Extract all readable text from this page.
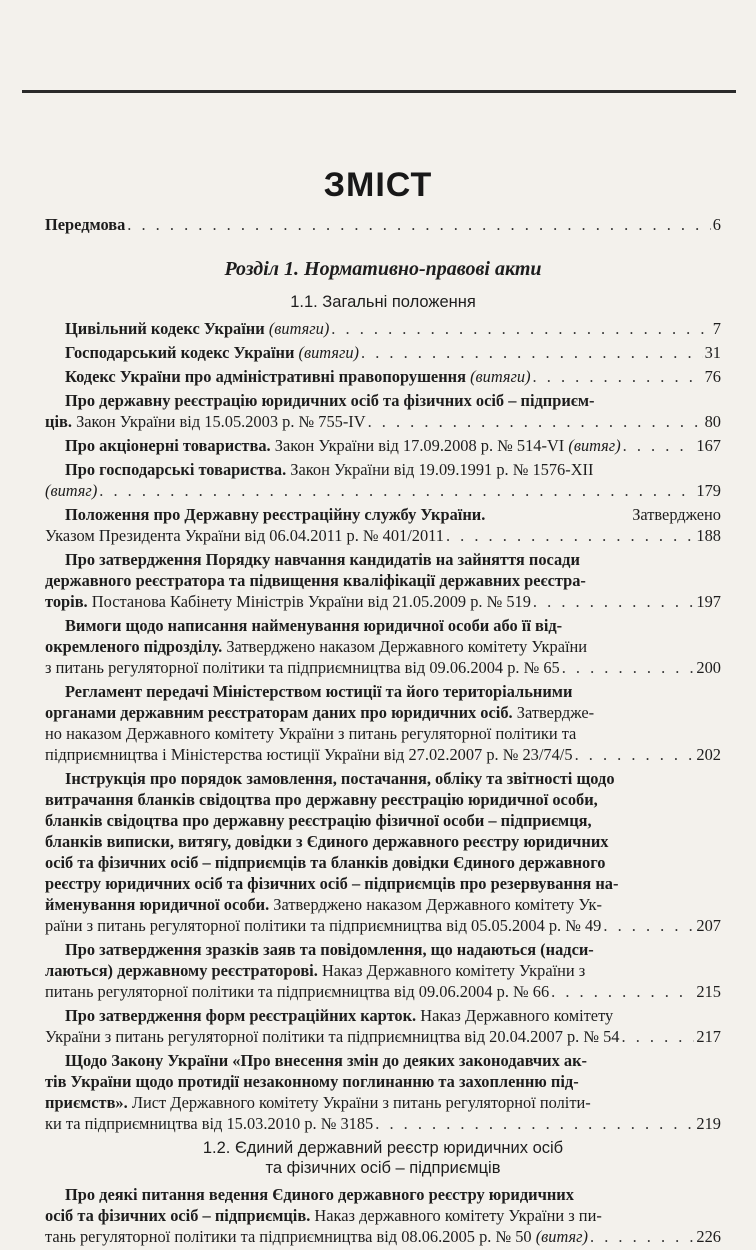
ЗМІСТ
Передмова . . .	6
Розділ 1. Нормативно-правові акти
1.1. Загальні положення
Цивільний кодекс України (витяги) . . .	7
Господарський кодекс України (витяги) . . .	31
Кодекс України про адміністративні правопорушення (витяги) . . .	76
Про державну реєстрацію юридичних осіб та фізичних осіб – підприєм-
ців. Закон України від 15.05.2003 р. № 755-IV . . .	80
Про акціонерні товариства. Закон України від 17.09.2008 р. № 514-VI (витяг) . . .	167
Про господарські товариства. Закон України від 19.09.1991 р. № 1576-XII
(витяг) . . .	179
Положення про Державну реєстраційну службу України.	Затверджено
Указом Президента України від 06.04.2011 р. № 401/2011 . . .	188
Про затвердження Порядку навчання кандидатів на зайняття посади
державного реєстратора та підвищення кваліфікації державних реєстра-
торів. Постанова Кабінету Міністрів України від 21.05.2009 р. № 519 . . .	197
Вимоги щодо написання найменування юридичної особи або її від-
окремленого підрозділу. Затверджено наказом Державного комітету України
з питань регуляторної політики та підприємництва від 09.06.2004 р. № 65 . . .	200
Регламент передачі Міністерством юстиції та його територіальними
органами державним реєстраторам даних про юридичних осіб. Затвердже-
но наказом Державного комітету України з питань регуляторної політики та
підприємництва і Міністерства юстиції України від 27.02.2007 р. № 23/74/5 . . .	202
Інструкція про порядок замовлення, постачання, обліку та звітності щодо
витрачання бланків свідоцтва про державну реєстрацію юридичної особи,
бланків свідоцтва про державну реєстрацію фізичної особи – підприємця,
бланків виписки, витягу, довідки з Єдиного державного реєстру юридичних
осіб та фізичних осіб – підприємців та бланків довідки Єдиного державного
реєстру юридичних осіб та фізичних осіб – підприємців про резервування на-
йменування юридичної особи. Затверджено наказом Державного комітету Ук-
раїни з питань регуляторної політики та підприємництва від 05.05.2004 р. № 49 . . .	207
Про затвердження зразків заяв та повідомлення, що надаються (надси-
лаються) державному реєстраторові. Наказ Державного комітету України з
питань регуляторної політики та підприємництва від 09.06.2004 р. № 66 . . .	215
Про затвердження форм реєстраційних карток. Наказ Державного комітету
України з питань регуляторної політики та підприємництва від 20.04.2007 р. № 54 . . .	217
Щодо Закону України «Про внесення змін до деяких законодавчих ак-
тів України щодо протидії незаконному поглинанню та захопленню під-
приємств». Лист Державного комітету України з питань регуляторної політи-
ки та підприємництва від 15.03.2010 р. № 3185 . . .	219
1.2. Єдиний державний реєстр юридичних осіб
та фізичних осіб – підприємців
Про деякі питання ведення Єдиного державного реєстру юридичних
осіб та фізичних осіб – підприємців. Наказ державного комітету України з пи-
тань регуляторної політики та підприємництва від 08.06.2005 р. № 50 (витяг) . . .	226
